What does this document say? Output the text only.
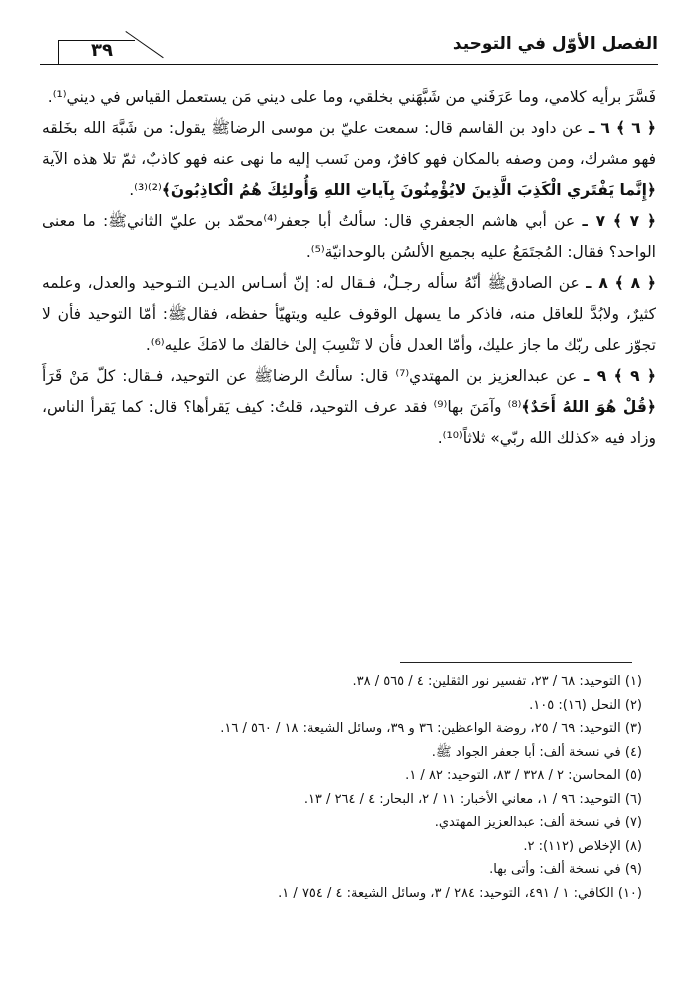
الفصل الأوّل في التوحيد
٣٩

فَسَّرَ برأيه كلامي، وما عَرَفَني من شَبَّهَني بخلقي، وما على ديني مَن يستعمل القياس في ديني⁽¹⁾.

﴿ ٦ ﴾ ٦ ـ عن داود بن القاسم قال: سمعت عليّ بن موسى الرضاﷺ يقول: من شَبَّهَ الله بخَلقه فهو مشرك، ومن وصفه بالمكان فهو كافرٌ، ومن نَسب إليه ما نهى عنه فهو كاذبٌ، ثمّ تلا هذه الآية ﴿إِنَّما يَفْتَري الْكَذِبَ الَّذِينَ لايُؤْمِنُونَ بِآياتِ اللهِ وَأُولئِكَ هُمُ الْكاذِبُونَ﴾⁽²⁾⁽³⁾.

﴿ ٧ ﴾ ٧ ـ عن أبي هاشم الجعفري قال: سألتُ أبا جعفر⁽⁴⁾محمّد بن عليّ الثانيﷺ: ما معنى الواحد؟ فقال: المُجتَمَعُ عليه بجميع الألسُن بالوحدانيّة⁽⁵⁾.

﴿ ٨ ﴾ ٨ ـ عن الصادقﷺ أنّهُ سأله رجـلٌ، فـقال له: إنّ أسـاس الديـن التـوحيد والعدل، وعلمه كثيرٌ، ولابُدَّ للعاقل منه، فاذكر ما يسهل الوقوف عليه ويتهيّأ حفظه، فقالﷺ: أمّا التوحيد فأن لا تجوّز على ربّك ما جاز عليك، وأمّا العدل فأن لا تَنْسِبَ إلىٰ خالقك ما لامَكَ عليه⁽⁶⁾.

﴿ ٩ ﴾ ٩ ـ عن عبدالعزيز بن المهتدي⁽⁷⁾ قال: سألتُ الرضاﷺ عن التوحيد، فـقال: كلّ مَنْ قَرَأَ ﴿قُلْ هُوَ اللهُ أَحَدٌ﴾⁽⁸⁾ وآمَنَ بها⁽⁹⁾ فقد عرف التوحيد، قلتُ: كيف يَقرأها؟ قال: كما يَقرأ الناس، وزاد فيه «كذلك الله ربّي» ثلاثاً⁽¹⁰⁾.

(١) التوحيد: ٦٨ / ٢٣، تفسير نور الثقلين: ٤ / ٥٦٥ / ٣٨.

(٢) النحل (١٦): ١٠٥.

(٣) التوحيد: ٦٩ / ٢٥، روضة الواعظين: ٣٦ و ٣٩، وسائل الشيعة: ١٨ / ٥٦٠ / ١٦.

(٤) في نسخة ألف: أبا جعفر الجواد ﷺ.

(٥) المحاسن: ٢ / ٣٢٨ / ٨٣، التوحيد: ٨٢ / ١.

(٦) التوحيد: ٩٦ / ١، معاني الأخبار: ١١ / ٢، البحار: ٤ / ٢٦٤ / ١٣.

(٧) في نسخة ألف: عبدالعزيز المهتدي.

(٨) الإخلاص (١١٢): ٢.

(٩) في نسخة ألف: وأتى بها.

(١٠) الكافي: ١ / ٤٩١، التوحيد: ٢٨٤ / ٣، وسائل الشيعة: ٤ / ٧٥٤ / ١.
